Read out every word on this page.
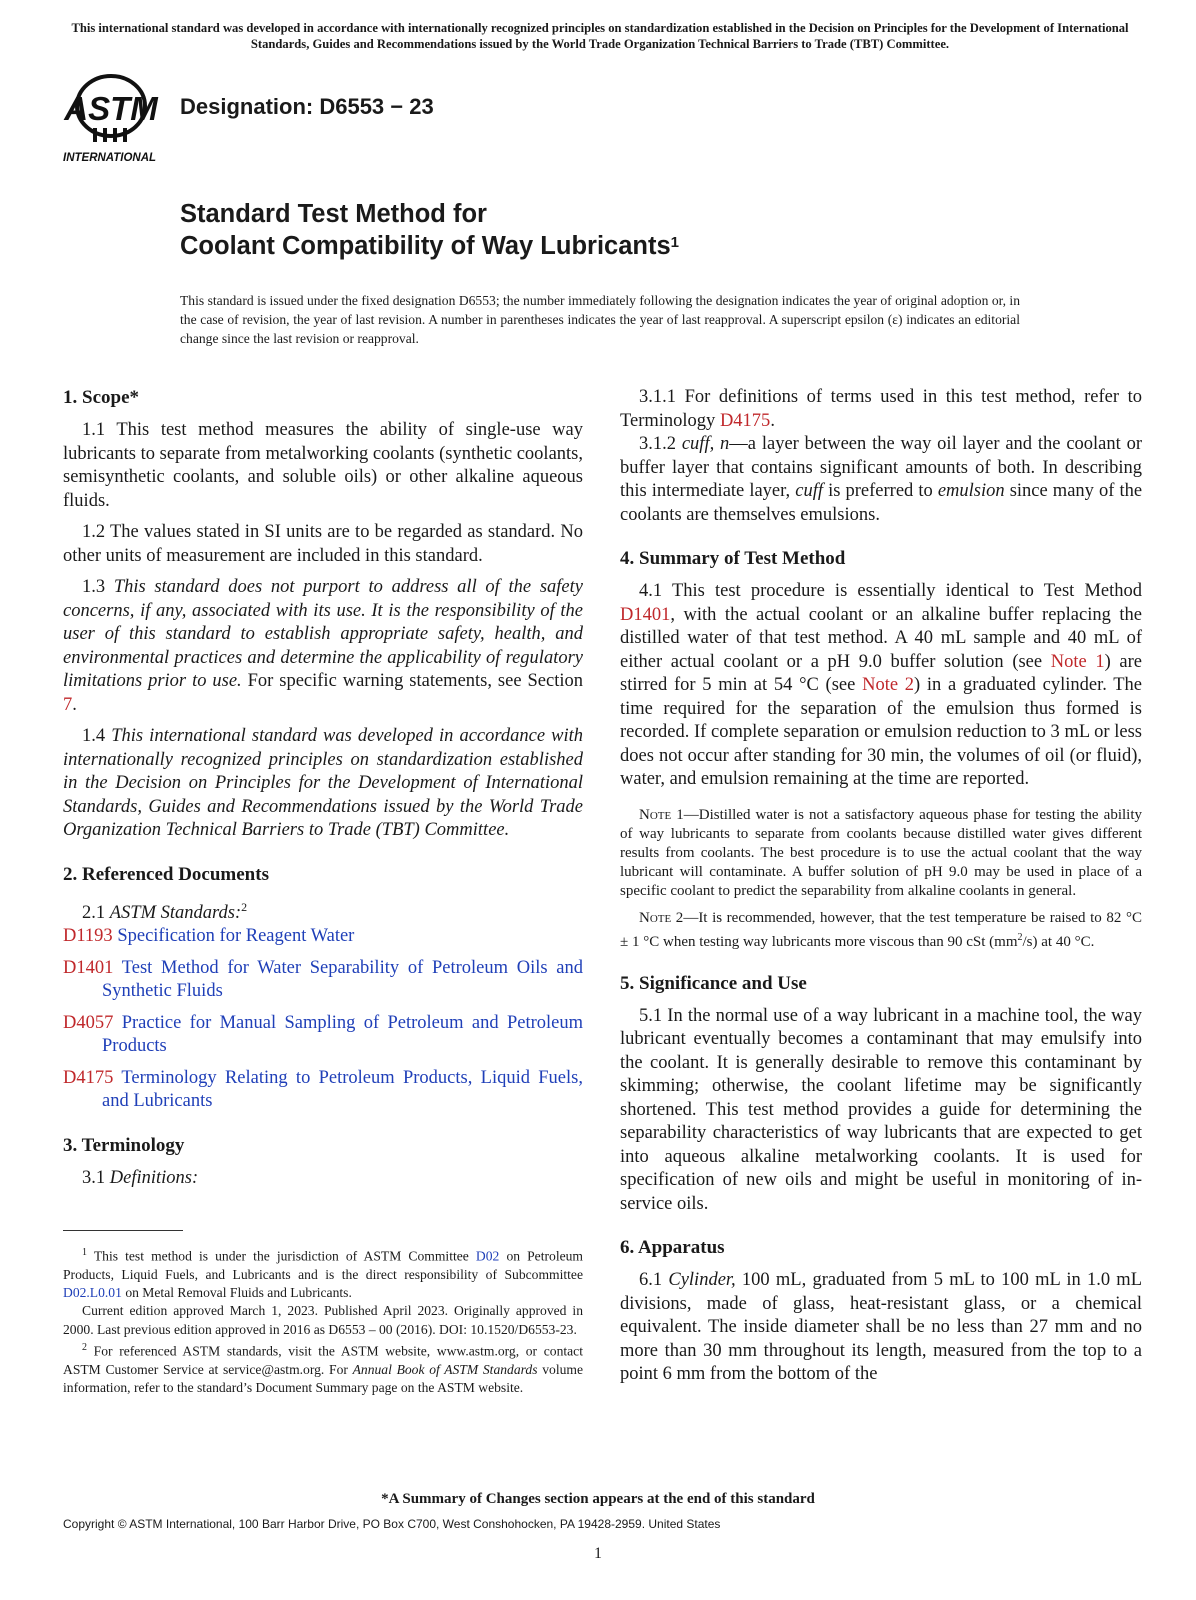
This international standard was developed in accordance with internationally recognized principles on standardization established in the Decision on Principles for the Development of International Standards, Guides and Recommendations issued by the World Trade Organization Technical Barriers to Trade (TBT) Committee.
ASTM
INTERNATIONAL
Designation: D6553 − 23
Standard Test Method for
Coolant Compatibility of Way Lubricants$^1$
This standard is issued under the fixed designation D6553; the number immediately following the designation indicates the year of original adoption or, in the case of revision, the year of last revision. A number in parentheses indicates the year of last reapproval. A superscript epsilon (ε) indicates an editorial change since the last revision or reapproval.
1. Scope*

1.1 This test method measures the ability of single-use way lubricants to separate from metalworking coolants (synthetic coolants, semisynthetic coolants, and soluble oils) or other alkaline aqueous fluids.

1.2 The values stated in SI units are to be regarded as standard. No other units of measurement are included in this standard.

1.3 This standard does not purport to address all of the safety concerns, if any, associated with its use. It is the responsibility of the user of this standard to establish appropriate safety, health, and environmental practices and determine the applicability of regulatory limitations prior to use. For specific warning statements, see Section 7.

1.4 This international standard was developed in accordance with internationally recognized principles on standardization established in the Decision on Principles for the Development of International Standards, Guides and Recommendations issued by the World Trade Organization Technical Barriers to Trade (TBT) Committee.

2. Referenced Documents

2.1 ASTM Standards:$^2$

D1193 Specification for Reagent Water

D1401 Test Method for Water Separability of Petroleum Oils and Synthetic Fluids

D4057 Practice for Manual Sampling of Petroleum and Petroleum Products

D4175 Terminology Relating to Petroleum Products, Liquid Fuels, and Lubricants

3. Terminology

3.1 Definitions:

$^1$ This test method is under the jurisdiction of ASTM Committee D02 on Petroleum Products, Liquid Fuels, and Lubricants and is the direct responsibility of Subcommittee D02.L0.01 on Metal Removal Fluids and Lubricants.

Current edition approved March 1, 2023. Published April 2023. Originally approved in 2000. Last previous edition approved in 2016 as D6553 – 00 (2016). DOI: 10.1520/D6553-23.

$^2$ For referenced ASTM standards, visit the ASTM website, www.astm.org, or contact ASTM Customer Service at service@astm.org. For Annual Book of ASTM Standards volume information, refer to the standard’s Document Summary page on the ASTM website.

3.1.1 For definitions of terms used in this test method, refer to Terminology D4175.

3.1.2 cuff, n—a layer between the way oil layer and the coolant or buffer layer that contains significant amounts of both. In describing this intermediate layer, cuff is preferred to emulsion since many of the coolants are themselves emulsions.

4. Summary of Test Method

4.1 This test procedure is essentially identical to Test Method D1401, with the actual coolant or an alkaline buffer replacing the distilled water of that test method. A 40 mL sample and 40 mL of either actual coolant or a pH 9.0 buffer solution (see Note 1) are stirred for 5 min at 54 °C (see Note 2) in a graduated cylinder. The time required for the separation of the emulsion thus formed is recorded. If complete separation or emulsion reduction to 3 mL or less does not occur after standing for 30 min, the volumes of oil (or fluid), water, and emulsion remaining at the time are reported.

Note 1—Distilled water is not a satisfactory aqueous phase for testing the ability of way lubricants to separate from coolants because distilled water gives different results from coolants. The best procedure is to use the actual coolant that the way lubricant will contaminate. A buffer solution of pH 9.0 may be used in place of a specific coolant to predict the separability from alkaline coolants in general.

Note 2—It is recommended, however, that the test temperature be raised to 82 °C ± 1 °C when testing way lubricants more viscous than 90 cSt $(mm^2/s)$ at 40 °C.

5. Significance and Use

5.1 In the normal use of a way lubricant in a machine tool, the way lubricant eventually becomes a contaminant that may emulsify into the coolant. It is generally desirable to remove this contaminant by skimming; otherwise, the coolant lifetime may be significantly shortened. This test method provides a guide for determining the separability characteristics of way lubricants that are expected to get into aqueous alkaline metalworking coolants. It is used for specification of new oils and might be useful in monitoring of in-service oils.

6. Apparatus

6.1 Cylinder, 100 mL, graduated from 5 mL to 100 mL in 1.0 mL divisions, made of glass, heat-resistant glass, or a chemical equivalent. The inside diameter shall be no less than 27 mm and no more than 30 mm throughout its length, measured from the top to a point 6 mm from the bottom of the

*A Summary of Changes section appears at the end of this standard
Copyright © ASTM International, 100 Barr Harbor Drive, PO Box C700, West Conshohocken, PA 19428-2959. United States
1
